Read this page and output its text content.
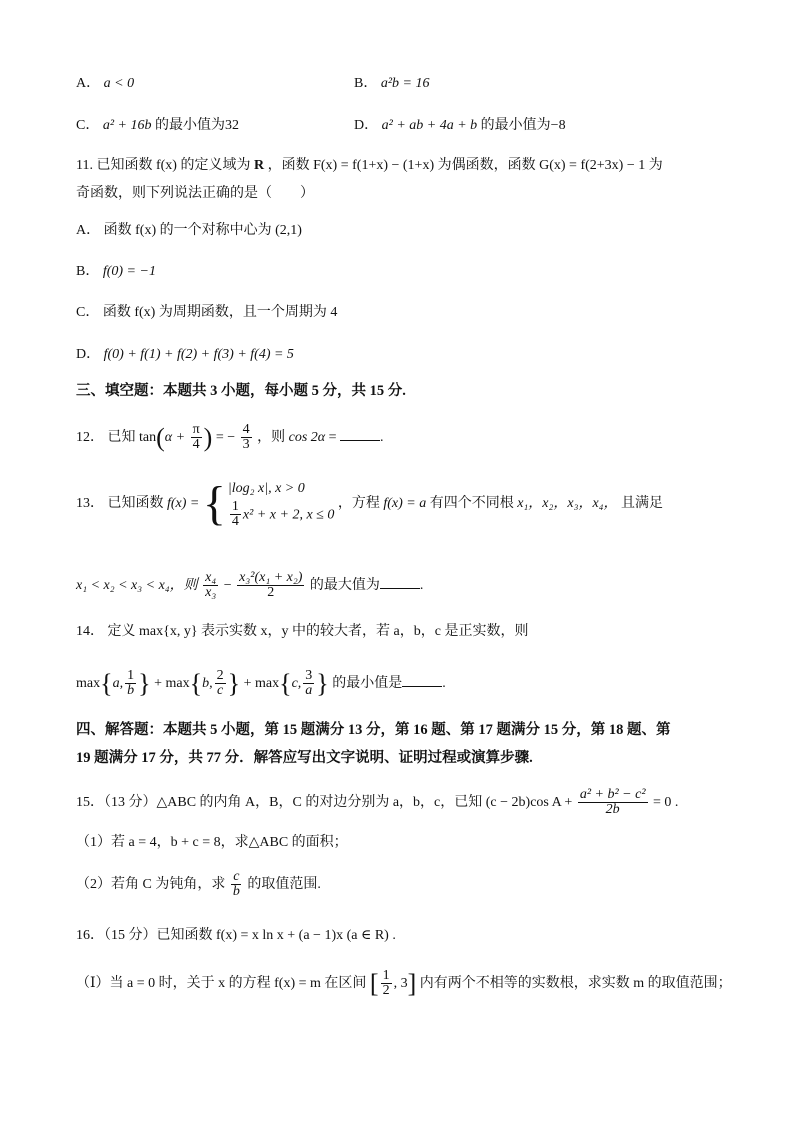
A． a < 0	B． a²b = 16
C． a² + 16b 的最小值为32	D． a² + ab + 4a + b 的最小值为−8
11. 已知函数 f(x) 的定义域为 R ，函数 F(x) = f(1+x) − (1+x) 为偶函数，函数 G(x) = f(2+3x) − 1 为
奇函数，则下列说法正确的是（　　）
A． 函数 f(x) 的一个对称中心为 (2,1)
B． f(0) = −1
C． 函数 f(x) 为周期函数，且一个周期为 4
D． f(0) + f(1) + f(2) + f(3) + f(4) = 5
三、填空题：本题共 3 小题，每小题 5 分，共 15 分.
12． 已知 $\tan(\alpha + \frac{\pi}{4}$ ) = − $\frac{4}{3}$ ，则 cos 2α =	.
13． 已知函数 f(x) = { |log₂ x|, x > 0
$\frac{1}{4} x^2 + x + 2$, x ≤ 0
，方程 f(x) = a 有四个不同根 x₁，x₂，x₃，x₄， 且满足
x₁ < x₂ < x₃ < x₄，则 $\frac{\text{x₄}}{\text{x₃}} - \frac{\text{x₃²(x₁ + x₂)}}{2}$ 的最大值为	.
14． 定义 max{x, y} 表示实数 x，y 中的较大者，若 a，b，c 是正实数，则
max{a, $\frac{1}{b}$ } + max{b, $\frac{2}{c}$ } + max{c, $\frac{3}{a}$ } 的最小值是	.
四、解答题：本题共 5 小题，第 15 题满分 13 分，第 16 题、第 17 题满分 15 分，第 18 题、第
19 题满分 17 分，共 77 分．解答应写出文字说明、证明过程或演算步骤.
15．（13 分）△ABC 的内角 A，B，C 的对边分别为 a，b，c，已知 (c − 2b)cos $A + \frac{\text{a² + b² − c²}}{2b} = 0$ .
（1）若 a = 4，b + c = 8，求△ABC 的面积；
（2）若角 C 为钝角，求 $\frac{c}{b}$ 的取值范围.
16．（15 分）已知函数 f(x) = x ln x + (a − 1)x (a ∈ R) .
（Ⅰ）当 a = 0 时，关于 x 的方程 f(x) = m 在区间 [ $\frac{1}{2}$ , 3] 内有两个不相等的实数根，求实数 m 的取值范围；
